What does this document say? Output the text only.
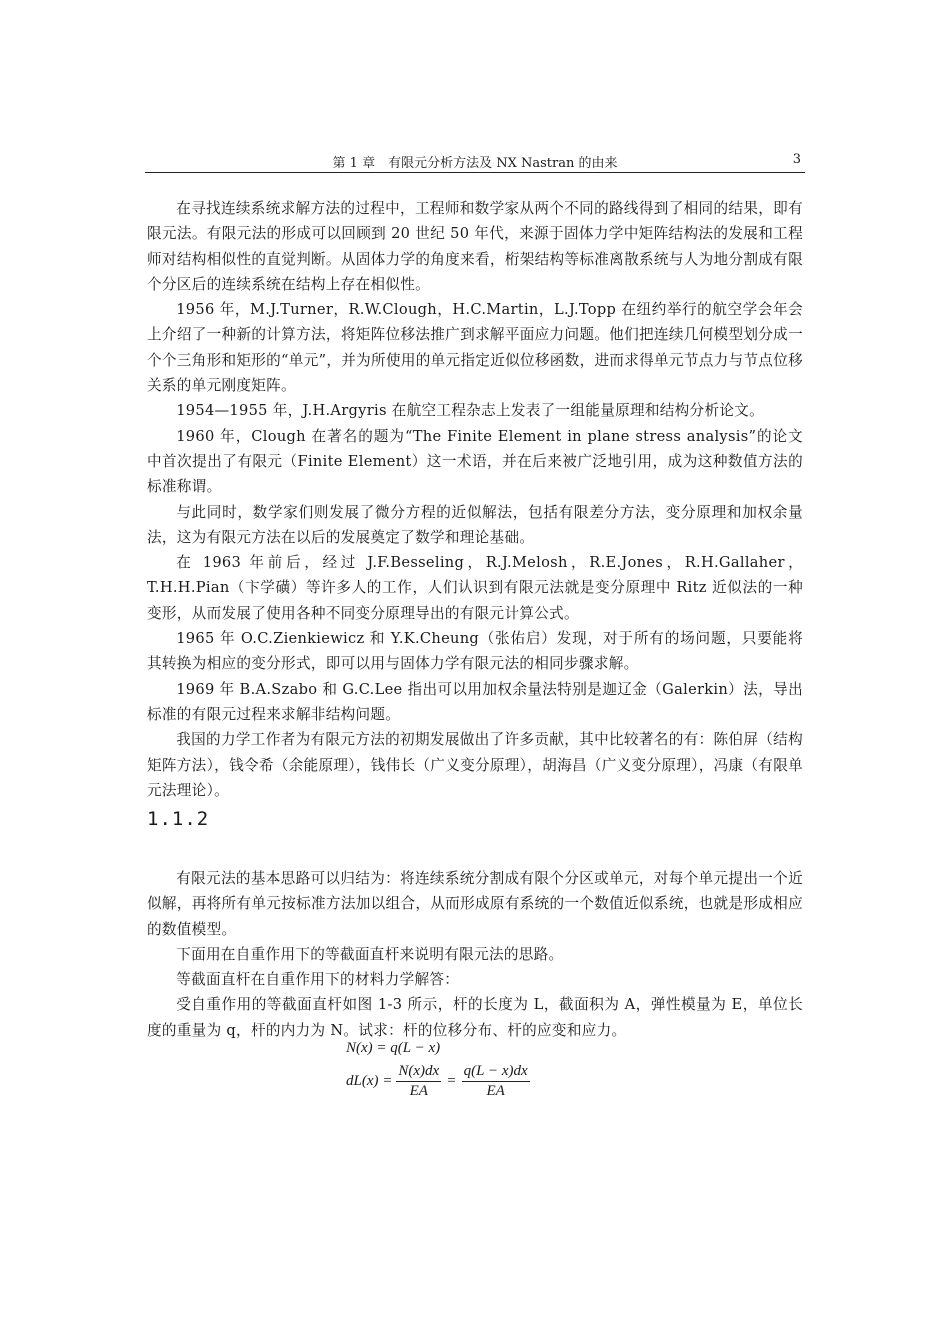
第 1 章　有限元分析方法及 NX Nastran 的由来	3

在寻找连续系统求解方法的过程中，工程师和数学家从两个不同的路线得到了相同的结果，即有限元法。有限元法的形成可以回顾到 20 世纪 50 年代，来源于固体力学中矩阵结构法的发展和工程师对结构相似性的直觉判断。从固体力学的角度来看，桁架结构等标准离散系统与人为地分割成有限个分区后的连续系统在结构上存在相似性。

1956 年，M.J.Turner，R.W.Clough，H.C.Martin，L.J.Topp 在纽约举行的航空学会年会上介绍了一种新的计算方法，将矩阵位移法推广到求解平面应力问题。他们把连续几何模型划分成一个个三角形和矩形的“单元”，并为所使用的单元指定近似位移函数，进而求得单元节点力与节点位移关系的单元刚度矩阵。

1954—1955 年，J.H.Argyris 在航空工程杂志上发表了一组能量原理和结构分析论文。

1960 年，Clough 在著名的题为“The Finite Element in plane stress analysis”的论文中首次提出了有限元（Finite Element）这一术语，并在后来被广泛地引用，成为这种数值方法的标准称谓。

与此同时，数学家们则发展了微分方程的近似解法，包括有限差分方法，变分原理和加权余量法，这为有限元方法在以后的发展奠定了数学和理论基础。

在 1963 年前后，经过 J.F.Besseling，R.J.Melosh，R.E.Jones，R.H.Gallaher，T.H.H.Pian（卞学磺）等许多人的工作，人们认识到有限元法就是变分原理中 Ritz 近似法的一种变形，从而发展了使用各种不同变分原理导出的有限元计算公式。

1965 年 O.C.Zienkiewicz 和 Y.K.Cheung（张佑启）发现，对于所有的场问题，只要能将其转换为相应的变分形式，即可以用与固体力学有限元法的相同步骤求解。

1969 年 B.A.Szabo 和 G.C.Lee 指出可以用加权余量法特别是迦辽金（Galerkin）法，导出标准的有限元过程来求解非结构问题。

我国的力学工作者为有限元方法的初期发展做出了许多贡献，其中比较著名的有：陈伯屏（结构矩阵方法），钱令希（余能原理），钱伟长（广义变分原理），胡海昌（广义变分原理），冯康（有限单元法理论）。

1.1.2

有限元法的基本思路可以归结为：将连续系统分割成有限个分区或单元，对每个单元提出一个近似解，再将所有单元按标准方法加以组合，从而形成原有系统的一个数值近似系统，也就是形成相应的数值模型。

下面用在自重作用下的等截面直杆来说明有限元法的思路。

等截面直杆在自重作用下的材料力学解答：

受自重作用的等截面直杆如图 1-3 所示，杆的长度为 L，截面积为 A，弹性模量为 E，单位长度的重量为 q，杆的内力为 N。试求：杆的位移分布、杆的应变和应力。

N(x) = q(L − x)
$dL(x) = \frac{N(x)dx}{EA} = \frac{q(L - x)dx}{EA}$
